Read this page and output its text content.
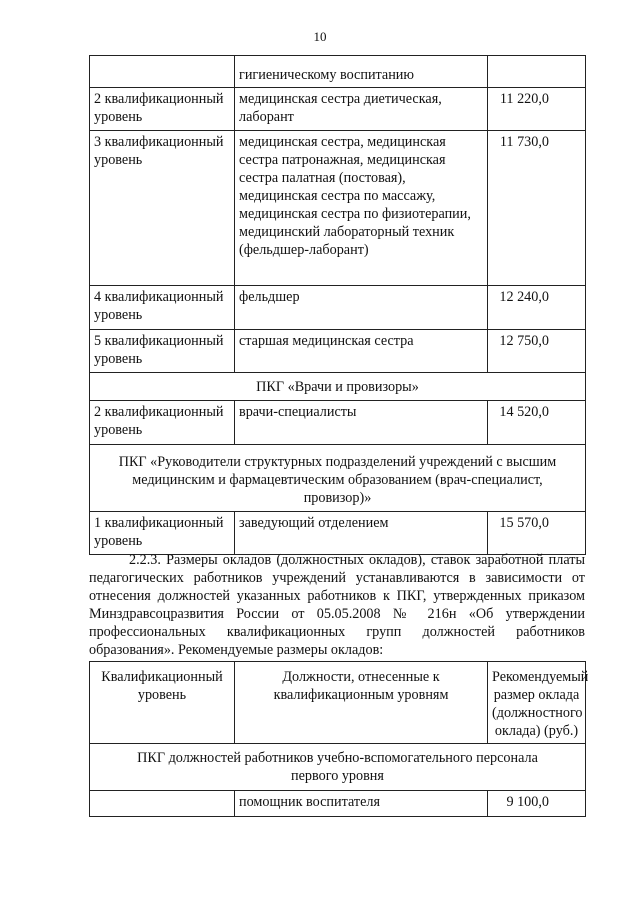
10
	гигиеническому воспитанию	
2 квалификационный уровень	медицинская сестра диетическая, лаборант	11 220,0
3 квалификационный уровень	медицинская сестра, медицинская сестра патронажная, медицинская сестра палатная (постовая), медицинская сестра по массажу, медицинская сестра по физиотерапии, медицинский лабораторный техник (фельдшер-лаборант)	11 730,0
4 квалификационный уровень	фельдшер	12 240,0
5 квалификационный уровень	старшая медицинская сестра	12 750,0
ПКГ «Врачи и провизоры»		
2 квалификационный уровень	врачи-специалисты	14 520,0
ПКГ «Руководители структурных подразделений учреждений с высшим медицинским и фармацевтическим образованием (врач-специалист, провизор)»		
1 квалификационный уровень	заведующий отделением	15 570,0
2.2.3. Размеры окладов (должностных окладов), ставок заработной платы
педагогических работников учреждений устанавливаются в зависимости от
отнесения должностей указанных работников к ПКГ, утвержденных приказом
Минздравсоцразвития России от 05.05.2008 № 216н «Об утверждении
профессиональных квалификационных групп должностей работников
образования». Рекомендуемые размеры окладов:
Квалификационный уровень	Должности, отнесенные к квалификационным уровням	Рекомендуемый размер оклада (должностного оклада) (руб.)
ПКГ должностей работников учебно-вспомогательного персонала первого уровня		
	помощник воспитателя	9 100,0
